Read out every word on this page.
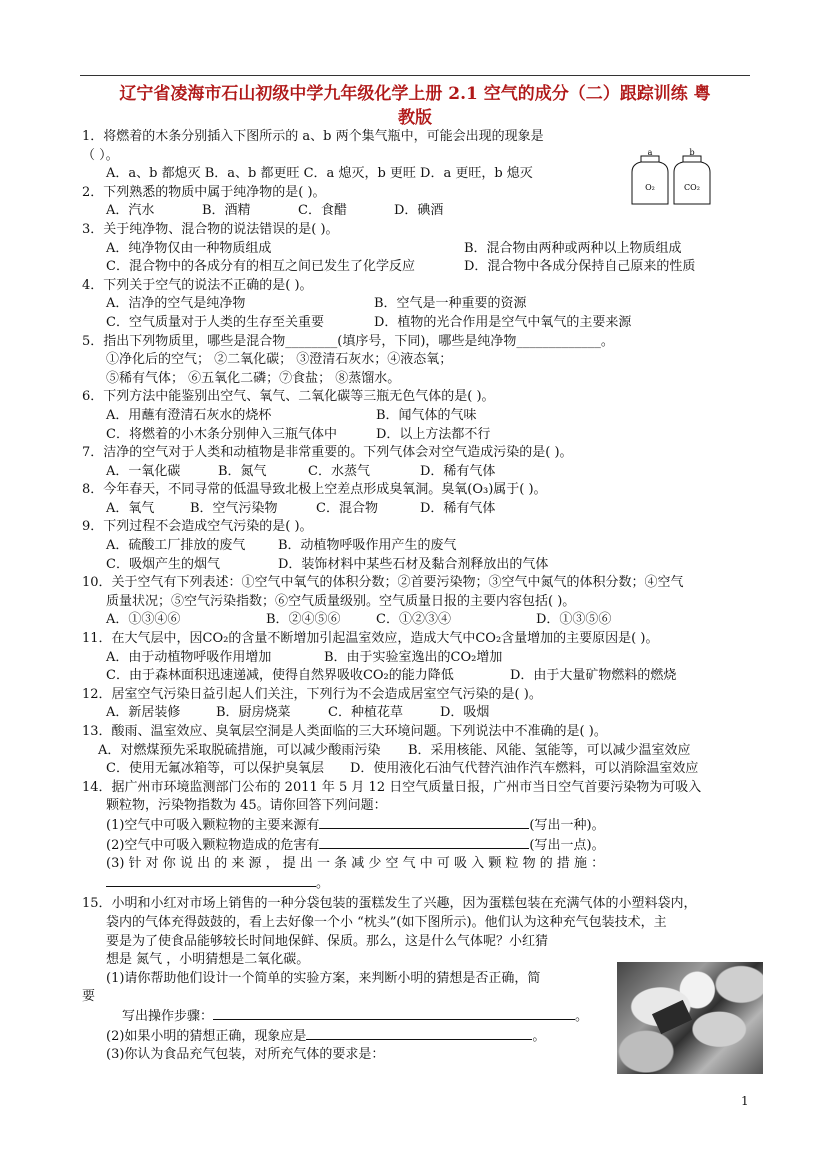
辽宁省凌海市石山初级中学九年级化学上册 2.1 空气的成分（二）跟踪训练 粤
教版
a	b
O₂	CO₂
1．将燃着的木条分别插入下图所示的 a、b 两个集气瓶中，可能会出现的现象是
（ ）。
A．a、b 都熄灭 B．a、b 都更旺 C．a 熄灭，b 更旺 D．a 更旺，b 熄灭
2．下列熟悉的物质中属于纯净物的是( )。
A．汽水	B．酒精	C．食醋	D．碘酒
3．关于纯净物、混合物的说法错误的是( )。
A．纯净物仅由一种物质组成	B．混合物由两种或两种以上物质组成
C．混合物中的各成分有的相互之间已发生了化学反应	D．混合物中各成分保持自己原来的性质
4．下列关于空气的说法不正确的是( )。
A．洁净的空气是纯净物	B．空气是一种重要的资源
C．空气质量对于人类的生存至关重要	D．植物的光合作用是空气中氧气的主要来源
5．指出下列物质里，哪些是混合物________(填序号，下同)，哪些是纯净物_____________。
①净化后的空气； ②二氧化碳； ③澄清石灰水；④液态氧；
⑤稀有气体； ⑥五氧化二磷；⑦食盐； ⑧蒸馏水。
6．下列方法中能鉴别出空气、氧气、二氧化碳等三瓶无色气体的是( )。
A．用蘸有澄清石灰水的烧杯	B．闻气体的气味
C．将燃着的小木条分别伸入三瓶气体中	D．以上方法都不行
7．洁净的空气对于人类和动植物是非常重要的。下列气体会对空气造成污染的是( )。
A．一氧化碳	B．氮气	C．水蒸气	D．稀有气体
8．今年春天，不同寻常的低温导致北极上空差点形成臭氧洞。臭氧(O₃)属于( )。
A．氧气	B．空气污染物	C．混合物	D．稀有气体
9．下列过程不会造成空气污染的是( )。
A．硫酸工厂排放的废气	B．动植物呼吸作用产生的废气
C．吸烟产生的烟气	D．装饰材料中某些石材及黏合剂释放出的气体
10．关于空气有下列表述：①空气中氧气的体积分数；②首要污染物；③空气中氮气的体积分数；④空气
质量状况；⑤空气污染指数；⑥空气质量级别。空气质量日报的主要内容包括( )。
A．①③④⑥	B．②④⑤⑥	C．①②③④	D．①③⑤⑥
11．在大气层中，因CO₂的含量不断增加引起温室效应，造成大气中CO₂含量增加的主要原因是( )。
A．由于动植物呼吸作用增加	B．由于实验室逸出的CO₂增加
C．由于森林面积迅速递减，使得自然界吸收CO₂的能力降低	D．由于大量矿物燃料的燃烧
12．居室空气污染日益引起人们关注，下列行为不会造成居室空气污染的是( )。
A．新居装修	B．厨房烧菜	C．种植花草	D．吸烟
13．酸雨、温室效应、臭氧层空洞是人类面临的三大环境问题。下列说法中不准确的是( )。
A．对燃煤预先采取脱硫措施，可以减少酸雨污染 B．采用核能、风能、氢能等，可以减少温室效应
C．使用无氟冰箱等，可以保护臭氧层 D．使用液化石油气代替汽油作汽车燃料，可以消除温室效应
14．据广州市环境监测部门公布的 2011 年 5 月 12 日空气质量日报，广州市当日空气首要污染物为可吸入
颗粒物，污染物指数为 45。请你回答下列问题：
(1)空气中可吸入颗粒物的主要来源有	(写出一种)。
(2)空气中可吸入颗粒物造成的危害有	(写出一点)。
(3) 针 对 你 说 出 的 来 源 ， 提 出 一 条 减 少 空 气 中 可 吸 入 颗 粒 物 的 措 施 ：
。
15．小明和小红对市场上销售的一种分袋包装的蛋糕发生了兴趣，因为蛋糕包装在充满气体的小塑料袋内，
袋内的气体充得鼓鼓的，看上去好像一个小 “枕头”(如下图所示)。他们认为这种充气包装技术，主
要是为了使食品能够较长时间地保鲜、保质。那么，这是什么气体呢？小红猜
想是 氮气 ，小明猜想是二氧化碳。
(1)请你帮助他们设计一个简单的实验方案，来判断小明的猜想是否正确，简
要
写出操作步骤：	。
(2)如果小明的猜想正确，现象应是	。
(3)你认为食品充气包装，对所充气体的要求是：
1
